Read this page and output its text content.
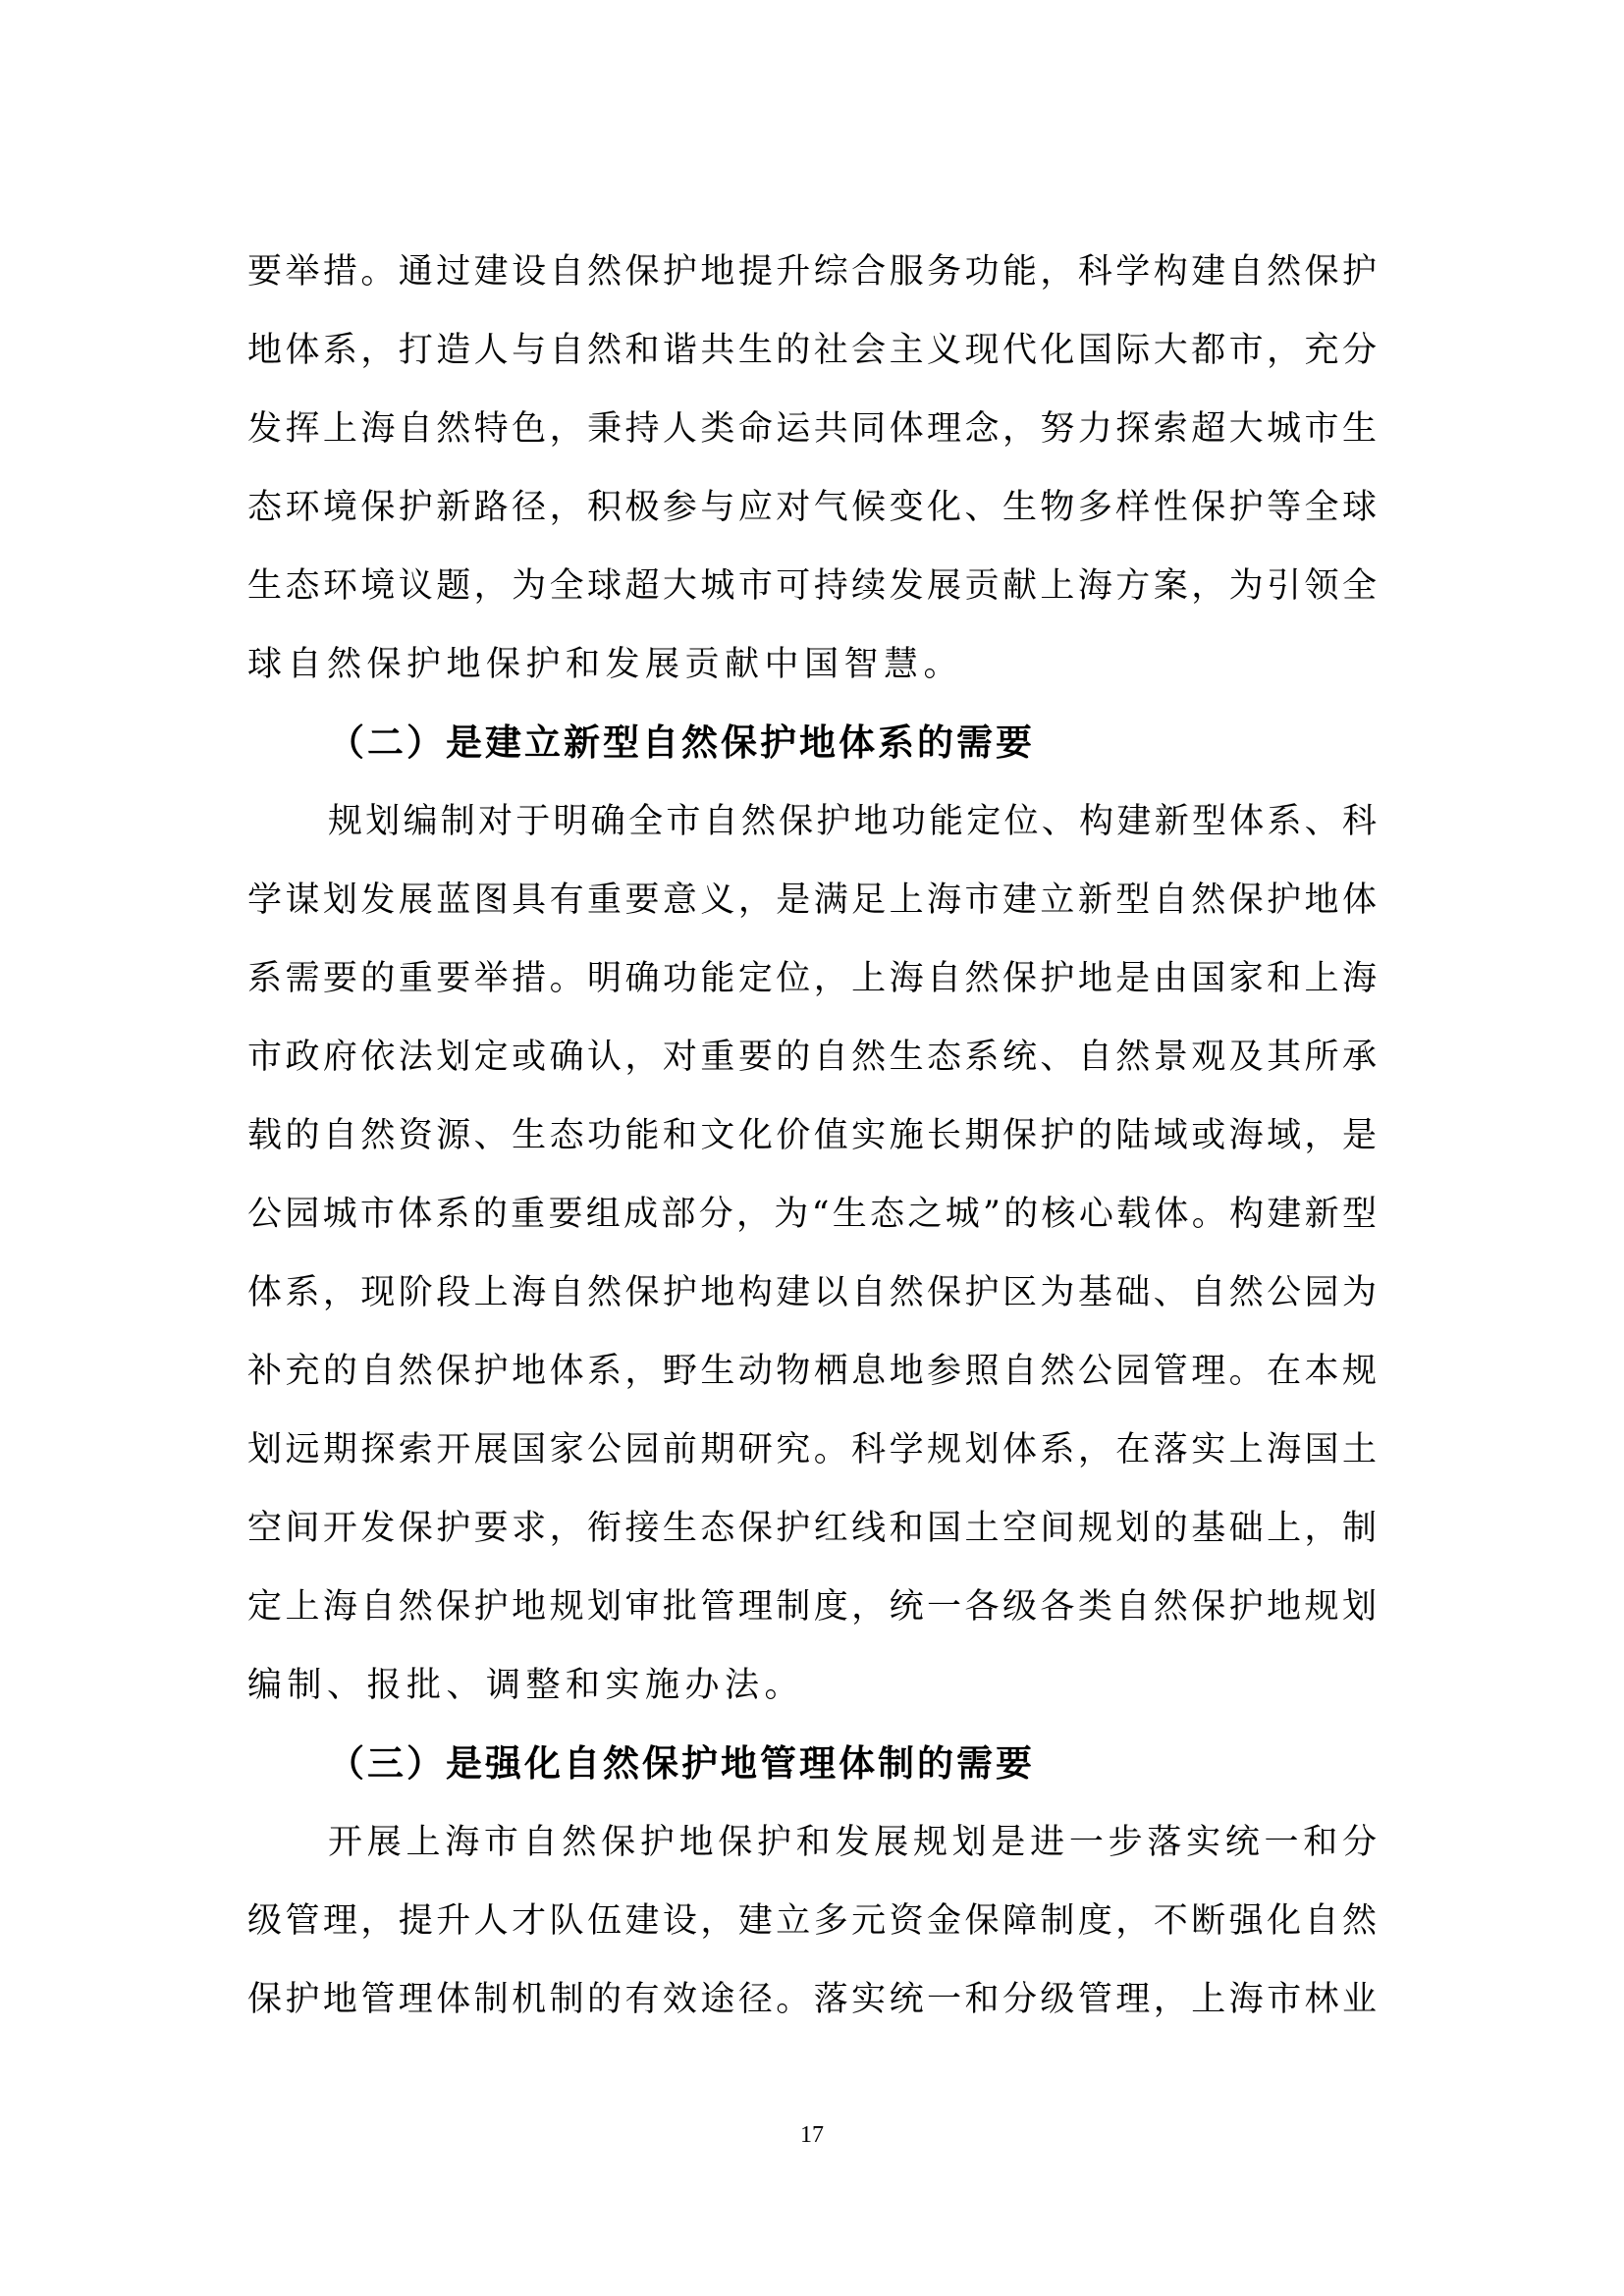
要举措。通过建设自然保护地提升综合服务功能，科学构建自然保护
地体系，打造人与自然和谐共生的社会主义现代化国际大都市，充分
发挥上海自然特色，秉持人类命运共同体理念，努力探索超大城市生
态环境保护新路径，积极参与应对气候变化、生物多样性保护等全球
生态环境议题，为全球超大城市可持续发展贡献上海方案，为引领全
球自然保护地保护和发展贡献中国智慧。
（二）是建立新型自然保护地体系的需要
规划编制对于明确全市自然保护地功能定位、构建新型体系、科
学谋划发展蓝图具有重要意义，是满足上海市建立新型自然保护地体
系需要的重要举措。明确功能定位，上海自然保护地是由国家和上海
市政府依法划定或确认，对重要的自然生态系统、自然景观及其所承
载的自然资源、生态功能和文化价值实施长期保护的陆域或海域，是
公园城市体系的重要组成部分，为“生态之城”的核心载体。构建新型
体系，现阶段上海自然保护地构建以自然保护区为基础、自然公园为
补充的自然保护地体系，野生动物栖息地参照自然公园管理。在本规
划远期探索开展国家公园前期研究。科学规划体系，在落实上海国土
空间开发保护要求，衔接生态保护红线和国土空间规划的基础上，制
定上海自然保护地规划审批管理制度，统一各级各类自然保护地规划
编制、报批、调整和实施办法。
（三）是强化自然保护地管理体制的需要
开展上海市自然保护地保护和发展规划是进一步落实统一和分
级管理，提升人才队伍建设，建立多元资金保障制度，不断强化自然
保护地管理体制机制的有效途径。落实统一和分级管理，上海市林业
17
